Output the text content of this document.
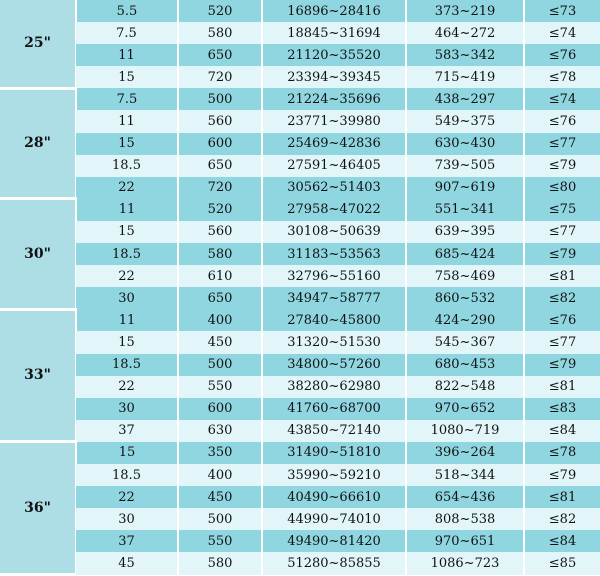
25"	5.5	520	16896~28416	373~219	≤73
	7.5	580	18845~31694	464~272	≤74
	11	650	21120~35520	583~342	≤76
	15	720	23394~39345	715~419	≤78
28"	7.5	500	21224~35696	438~297	≤74
	11	560	23771~39980	549~375	≤76
	15	600	25469~42836	630~430	≤77
	18.5	650	27591~46405	739~505	≤79
	22	720	30562~51403	907~619	≤80
30"	11	520	27958~47022	551~341	≤75
	15	560	30108~50639	639~395	≤77
	18.5	580	31183~53563	685~424	≤79
	22	610	32796~55160	758~469	≤81
	30	650	34947~58777	860~532	≤82
33"	11	400	27840~45800	424~290	≤76
	15	450	31320~51530	545~367	≤77
	18.5	500	34800~57260	680~453	≤79
	22	550	38280~62980	822~548	≤81
	30	600	41760~68700	970~652	≤83
	37	630	43850~72140	1080~719	≤84
36"	15	350	31490~51810	396~264	≤78
	18.5	400	35990~59210	518~344	≤79
	22	450	40490~66610	654~436	≤81
	30	500	44990~74010	808~538	≤82
	37	550	49490~81420	970~651	≤84
	45	580	51280~85855	1086~723	≤85
